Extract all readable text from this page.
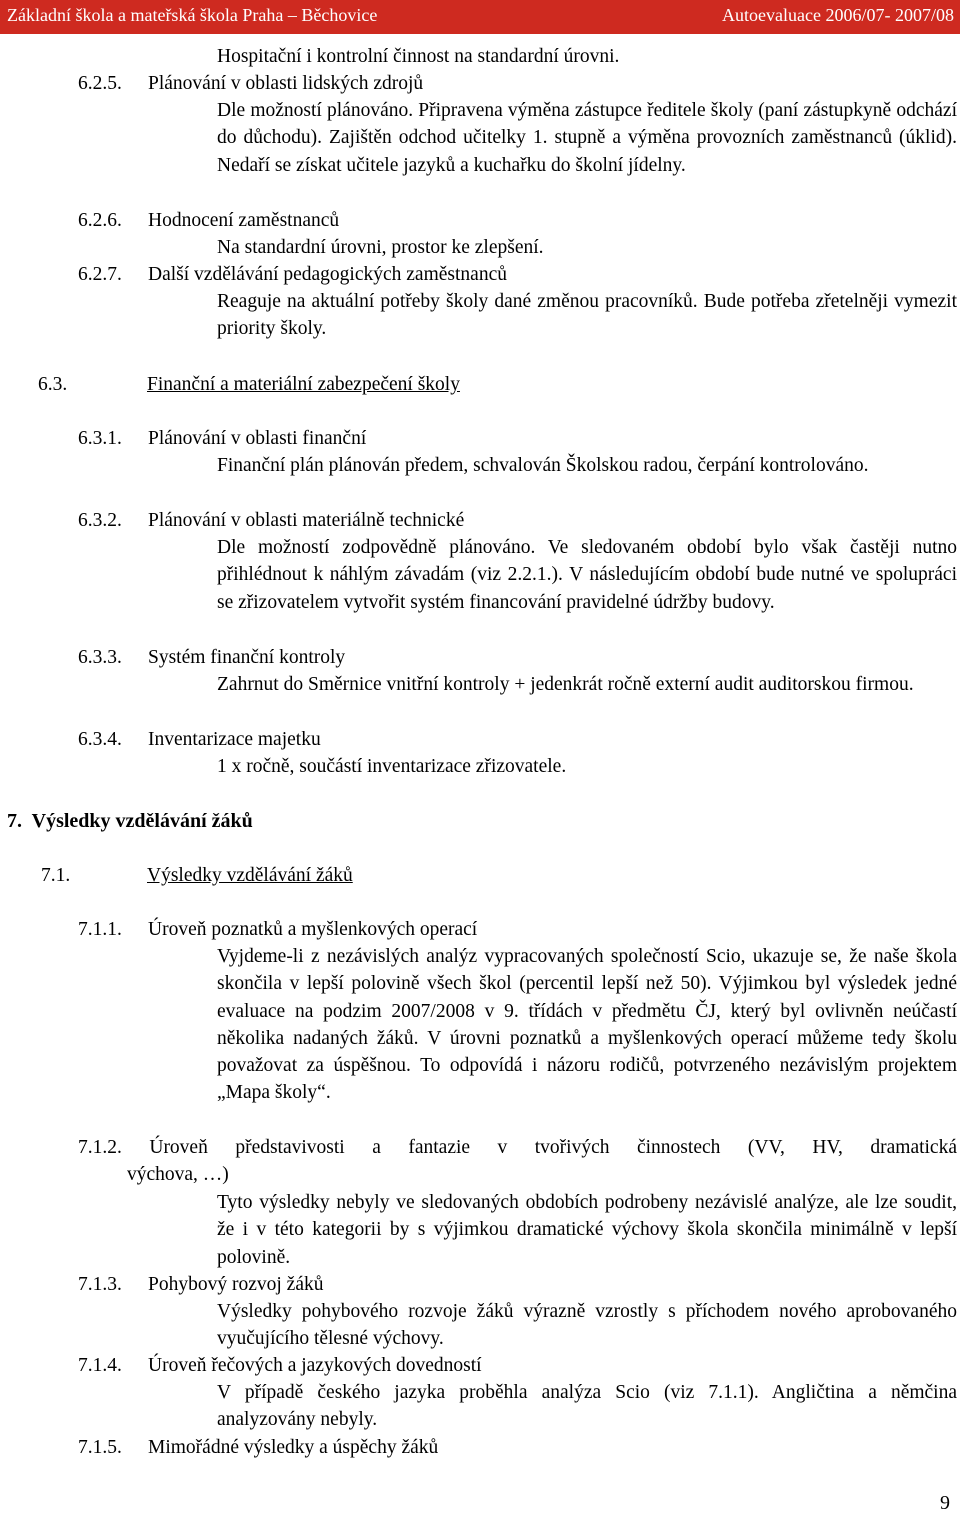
Základní škola a mateřská škola Praha – Běchovice	Autoevaluace 2006/07- 2007/08
Hospitační i kontrolní činnost na standardní úrovni.
6.2.5. Plánování v oblasti lidských zdrojů
Dle možností plánováno. Připravena výměna zástupce ředitele školy (paní zástupkyně odchází do důchodu). Zajištěn odchod učitelky 1. stupně a výměna provozních zaměstnanců (úklid). Nedaří se získat učitele jazyků a kuchařku do školní jídelny.
6.2.6. Hodnocení zaměstnanců
Na standardní úrovni, prostor ke zlepšení.
6.2.7. Další vzdělávání pedagogických zaměstnanců
Reaguje na aktuální potřeby školy dané změnou pracovníků. Bude potřeba zřetelněji vymezit priority školy.
6.3.	Finanční a materiální zabezpečení školy
6.3.1. Plánování v oblasti finanční
Finanční plán plánován předem, schvalován Školskou radou, čerpání kontrolováno.
6.3.2. Plánování v oblasti materiálně technické
Dle možností zodpovědně plánováno. Ve sledovaném období bylo však častěji nutno přihlédnout k náhlým závadám (viz 2.2.1.). V následujícím období bude nutné ve spolupráci se zřizovatelem vytvořit systém financování pravidelné údržby budovy.
6.3.3. Systém finanční kontroly
Zahrnut do Směrnice vnitřní kontroly + jedenkrát ročně externí audit auditorskou firmou.
6.3.4. Inventarizace majetku
1 x ročně, součástí inventarizace zřizovatele.
7.  Výsledky vzdělávání žáků
7.1.	Výsledky vzdělávání žáků
7.1.1. Úroveň poznatků a myšlenkových operací
Vyjdeme-li z nezávislých analýz vypracovaných společností Scio, ukazuje se, že naše škola skončila v lepší polovině všech škol (percentil lepší než 50). Výjimkou byl výsledek jedné evaluace na podzim 2007/2008 v 9. třídách v předmětu ČJ, který byl ovlivněn neúčastí několika nadaných žáků. V úrovni poznatků a myšlenkových operací můžeme tedy školu považovat za úspěšnou. To odpovídá i názoru rodičů, potvrzeného nezávislým projektem „Mapa školy“.
7.1.2. Úroveň představivosti a fantazie v tvořivých činnostech (VV, HV, dramatická
výchova, …)
Tyto výsledky nebyly ve sledovaných obdobích podrobeny nezávislé analýze, ale lze soudit, že i v této kategorii by s výjimkou dramatické výchovy škola skončila minimálně v lepší polovině.
7.1.3. Pohybový rozvoj žáků
Výsledky pohybového rozvoje žáků výrazně vzrostly s příchodem nového aprobovaného vyučujícího tělesné výchovy.
7.1.4. Úroveň řečových a jazykových dovedností
V případě českého jazyka proběhla analýza Scio (viz 7.1.1). Angličtina a němčina analyzovány nebyly.
7.1.5. Mimořádné výsledky a úspěchy žáků
9
